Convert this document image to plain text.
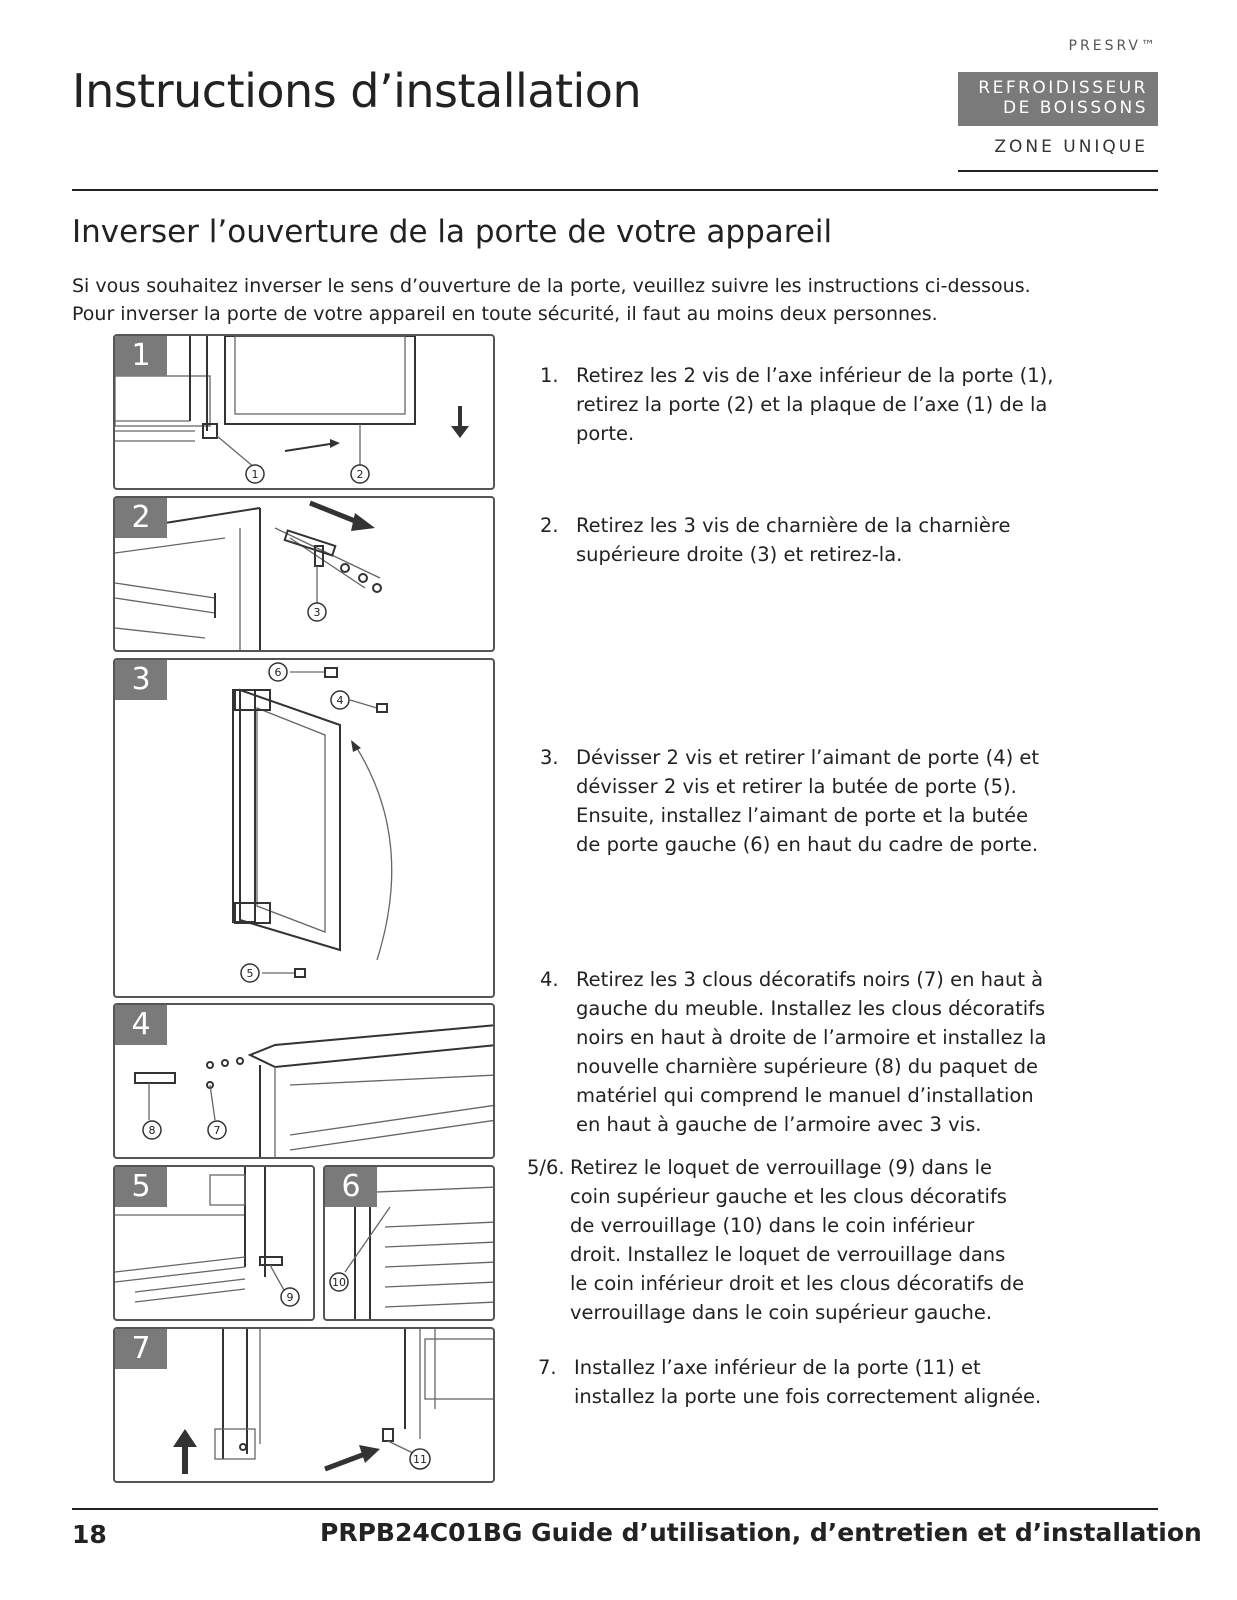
PRESRV™
Instructions d’installation	REFROIDISSEUR
DE BOISSONS
ZONE UNIQUE
Inverser l’ouverture de la porte de votre appareil
Si vous souhaitez inverser le sens d’ouverture de la porte, veuillez suivre les instructions ci-dessous.
Pour inverser la porte de votre appareil en toute sécurité, il faut au moins deux personnes.
1	2
1
3
2
6
4
5
3
8	7
4
9
5
10
6
11
7
1. Retirez les 2 vis de l’axe inférieur de la porte (1),
retirez la porte (2) et la plaque de l’axe (1) de la
porte.
2. Retirez les 3 vis de charnière de la charnière
supérieure droite (3) et retirez-la.
3. Dévisser 2 vis et retirer l’aimant de porte (4) et
dévisser 2 vis et retirer la butée de porte (5).
Ensuite, installez l’aimant de porte et la butée
de porte gauche (6) en haut du cadre de porte.
4. Retirez les 3 clous décoratifs noirs (7) en haut à
gauche du meuble. Installez les clous décoratifs
noirs en haut à droite de l’armoire et installez la
nouvelle charnière supérieure (8) du paquet de
matériel qui comprend le manuel d’installation
en haut à gauche de l’armoire avec 3 vis.
5/6. Retirez le loquet de verrouillage (9) dans le
coin supérieur gauche et les clous décoratifs
de verrouillage (10) dans le coin inférieur
droit. Installez le loquet de verrouillage dans
le coin inférieur droit et les clous décoratifs de
verrouillage dans le coin supérieur gauche.
7. Installez l’axe inférieur de la porte (11) et
installez la porte une fois correctement alignée.
18	PRPB24C01BG Guide d’utilisation, d’entretien et d’installation
